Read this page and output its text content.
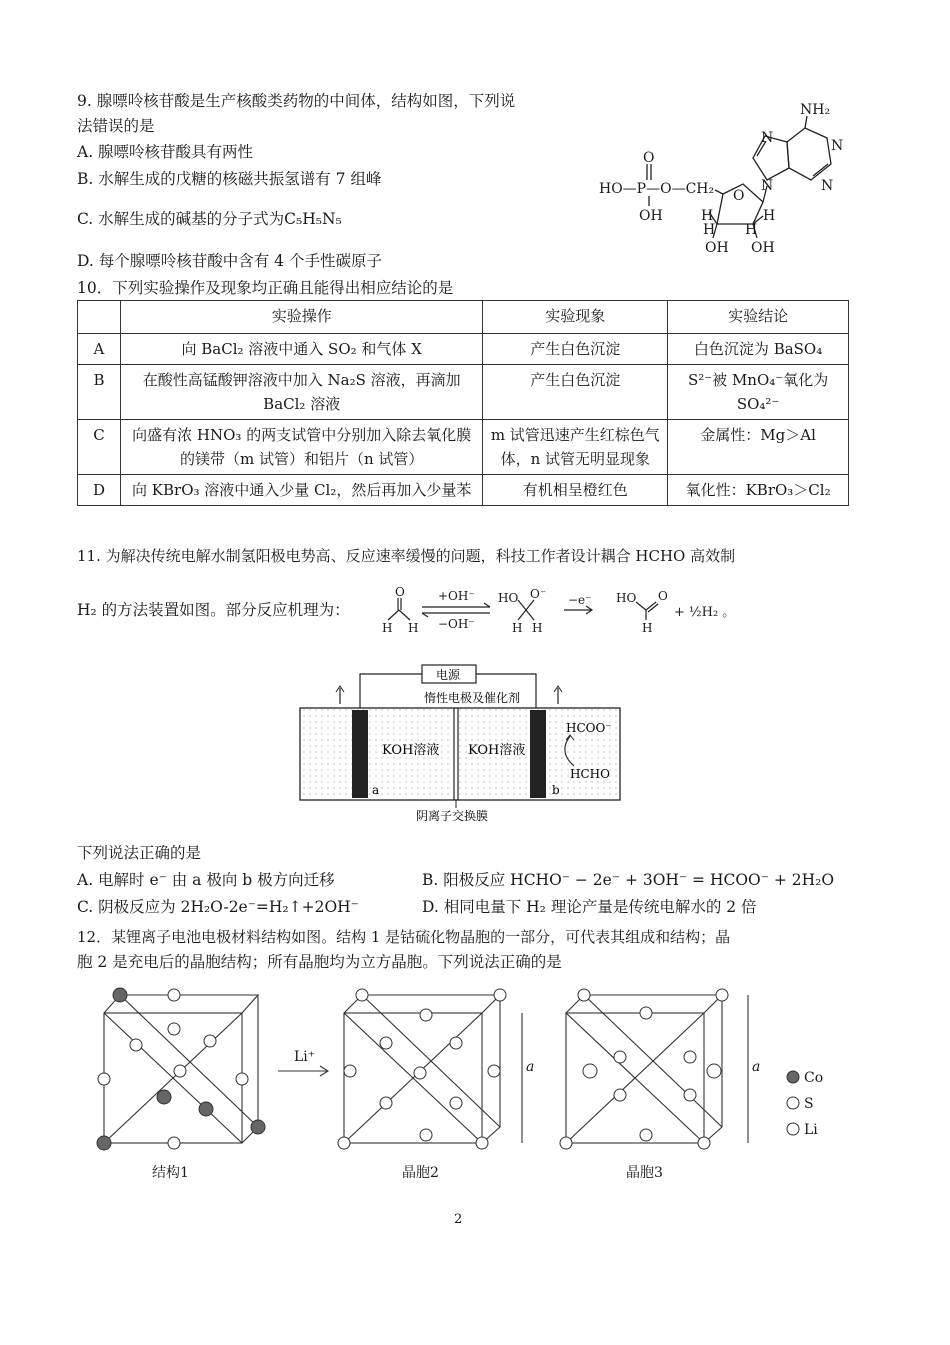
9. 腺嘌呤核苷酸是生产核酸类药物的中间体，结构如图，下列说
法错误的是
A. 腺嘌呤核苷酸具有两性
B. 水解生成的戊糖的核磁共振氢谱有 7 组峰
C. 水解生成的碱基的分子式为C₅H₅N₅
D. 每个腺嘌呤核苷酸中含有 4 个手性碳原子
NH₂
O
HO—P—O—CH₂
OH
O
N	N
N
N
H	H
H H
OH OH
10．下列实验操作及现象均正确且能得出相应结论的是
	实验操作	实验现象	实验结论
A	向 BaCl₂ 溶液中通入 SO₂ 和气体 X	产生白色沉淀	白色沉淀为 BaSO₄
B	在酸性高锰酸钾溶液中加入 Na₂S 溶液，再滴加 BaCl₂ 溶液	产生白色沉淀	S²⁻被 MnO₄⁻氧化为 SO₄²⁻
C	向盛有浓 HNO₃ 的两支试管中分别加入除去氧化膜的镁带（m 试管）和铝片（n 试管）	m 试管迅速产生红棕色气体，n 试管无明显现象	金属性：Mg＞Al
D	向 KBrO₃ 溶液中通入少量 Cl₂，然后再加入少量苯	有机相呈橙红色	氧化性：KBrO₃＞Cl₂
11. 为解决传统电解水制氢阳极电势高、反应速率缓慢的问题，科技工作者设计耦合 HCHO 高效制
H₂ 的方法装置如图。部分反应机理为：
O
H H
+OH⁻
−OH⁻
HO O⁻
H H
−e⁻ HO O
H
+ ½H₂ 。
电源
惰性电极及催化剂
KOH溶液 KOH溶液
a	b
HCOO⁻
HCHO
阴离子交换膜
下列说法正确的是
A. 电解时 e⁻ 由 a 极向 b 极方向迁移	B. 阳极反应 HCHO⁻ − 2e⁻ + 3OH⁻ = HCOO⁻ + 2H₂O
C. 阴极反应为 2H₂O-2e⁻=H₂↑+2OH⁻	D. 相同电量下 H₂ 理论产量是传统电解水的 2 倍
12．某锂离子电池电极材料结构如图。结构 1 是钴硫化物晶胞的一部分，可代表其组成和结构；晶
胞 2 是充电后的晶胞结构；所有晶胞均为立方晶胞。下列说法正确的是
Li⁺
a	a
结构1	晶胞2	晶胞3
Co
S
Li
2
